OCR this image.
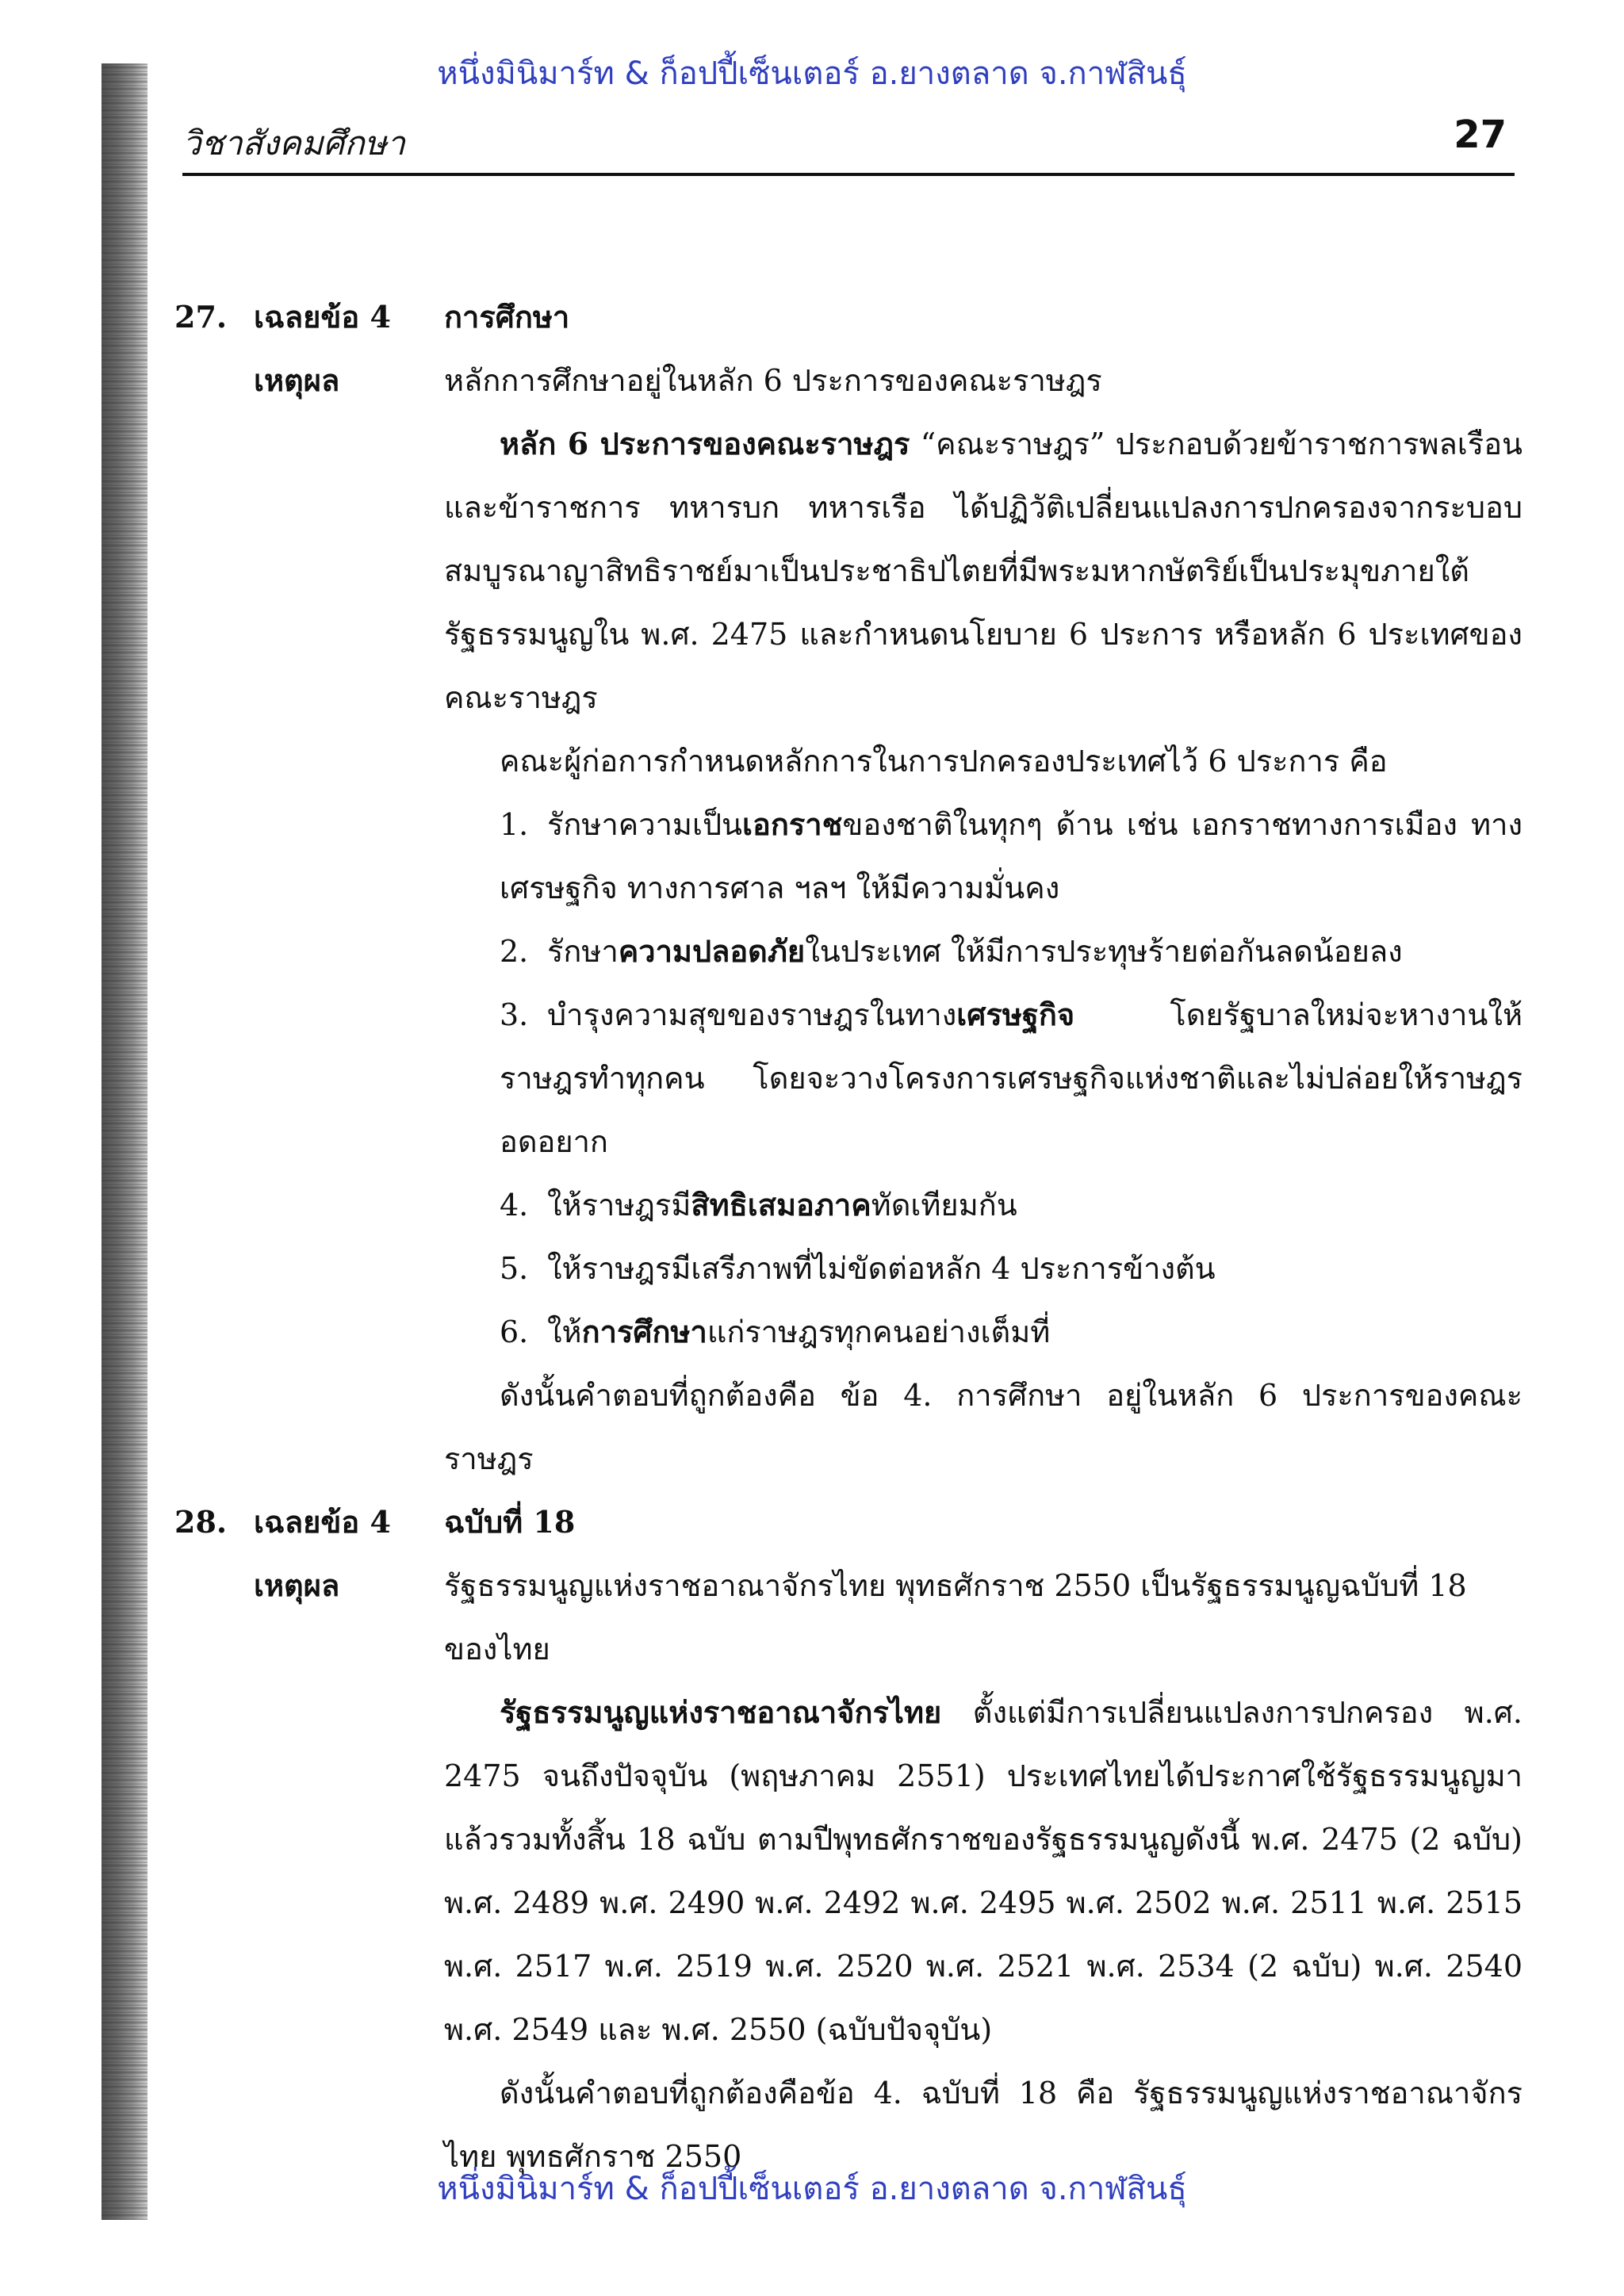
หนึ่งมินิมาร์ท & ก็อปปี้เซ็นเตอร์ อ.ยางตลาด จ.กาฬสินธุ์
วิชาสังคมศึกษา	27
27. เฉลยข้อ 4	การศึกษา
เหตุผล	หลักการศึกษาอยู่ในหลัก 6 ประการของคณะราษฎร

หลัก 6 ประการของคณะราษฎร “คณะราษฎร” ประกอบด้วยข้าราชการพลเรือนและข้าราชการ ทหารบก ทหารเรือ ได้ปฏิวัติเปลี่ยนแปลงการปกครองจากระบอบสมบูรณาญาสิทธิราชย์มาเป็นประชาธิปไตยที่มีพระมหากษัตริย์เป็นประมุขภายใต้รัฐธรรมนูญใน พ.ศ. 2475 และกำหนดนโยบาย 6 ประการ หรือหลัก 6 ประเทศของคณะราษฎร

คณะผู้ก่อการกำหนดหลักการในการปกครองประเทศไว้ 6 ประการ คือ

1. รักษาความเป็นเอกราชของชาติในทุกๆ ด้าน เช่น เอกราชทางการเมือง ทางเศรษฐกิจ ทางการศาล ฯลฯ ให้มีความมั่นคง

2. รักษาความปลอดภัยในประเทศ ให้มีการประทุษร้ายต่อกันลดน้อยลง

3. บำรุงความสุขของราษฎรในทางเศรษฐกิจ โดยรัฐบาลใหม่จะหางานให้ราษฎรทำทุกคน โดยจะวางโครงการเศรษฐกิจแห่งชาติและไม่ปล่อยให้ราษฎรอดอยาก

4. ให้ราษฎรมีสิทธิเสมอภาคทัดเทียมกัน

5. ให้ราษฎรมีเสรีภาพที่ไม่ขัดต่อหลัก 4 ประการข้างต้น

6. ให้การศึกษาแก่ราษฎรทุกคนอย่างเต็มที่

ดังนั้นคำตอบที่ถูกต้องคือ ข้อ 4. การศึกษา อยู่ในหลัก 6 ประการของคณะราษฎร

28. เฉลยข้อ 4	ฉบับที่ 18
เหตุผล	รัฐธรรมนูญแห่งราชอาณาจักรไทย พุทธศักราช 2550 เป็นรัฐธรรมนูญฉบับที่ 18 ของไทย

รัฐธรรมนูญแห่งราชอาณาจักรไทย ตั้งแต่มีการเปลี่ยนแปลงการปกครอง พ.ศ. 2475 จนถึงปัจจุบัน (พฤษภาคม 2551) ประเทศไทยได้ประกาศใช้รัฐธรรมนูญมาแล้วรวมทั้งสิ้น 18 ฉบับ ตามปีพุทธศักราชของรัฐธรรมนูญดังนี้ พ.ศ. 2475 (2 ฉบับ) พ.ศ. 2489 พ.ศ. 2490 พ.ศ. 2492 พ.ศ. 2495 พ.ศ. 2502 พ.ศ. 2511 พ.ศ. 2515 พ.ศ. 2517 พ.ศ. 2519 พ.ศ. 2520 พ.ศ. 2521 พ.ศ. 2534 (2 ฉบับ) พ.ศ. 2540 พ.ศ. 2549 และ พ.ศ. 2550 (ฉบับปัจจุบัน)

ดังนั้นคำตอบที่ถูกต้องคือข้อ 4. ฉบับที่ 18 คือ รัฐธรรมนูญแห่งราชอาณาจักรไทย พุทธศักราช 2550

หนึ่งมินิมาร์ท & ก็อปปี้เซ็นเตอร์ อ.ยางตลาด จ.กาฬสินธุ์
